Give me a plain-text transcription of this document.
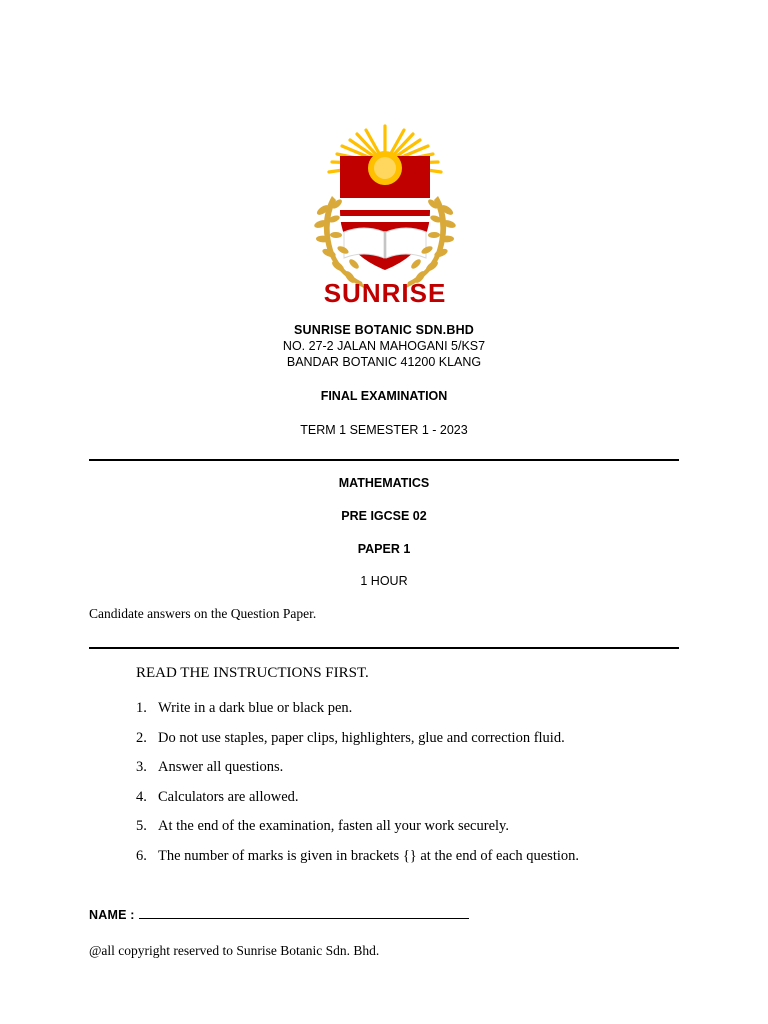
SUNRISE
SUNRISE BOTANIC SDN.BHD
NO. 27-2 JALAN MAHOGANI 5/KS7
BANDAR BOTANIC 41200 KLANG
FINAL EXAMINATION
TERM 1 SEMESTER 1 - 2023
MATHEMATICS
PRE IGCSE 02
PAPER 1
1 HOUR
Candidate answers on the Question Paper.
READ THE INSTRUCTIONS FIRST.
1. Write in a dark blue or black pen.
2. Do not use staples, paper clips, highlighters, glue and correction fluid.
3. Answer all questions.
4. Calculators are allowed.
5. At the end of the examination, fasten all your work securely.
6. The number of marks is given in brackets {} at the end of each question.
NAME :
@all copyright reserved to Sunrise Botanic Sdn. Bhd.
